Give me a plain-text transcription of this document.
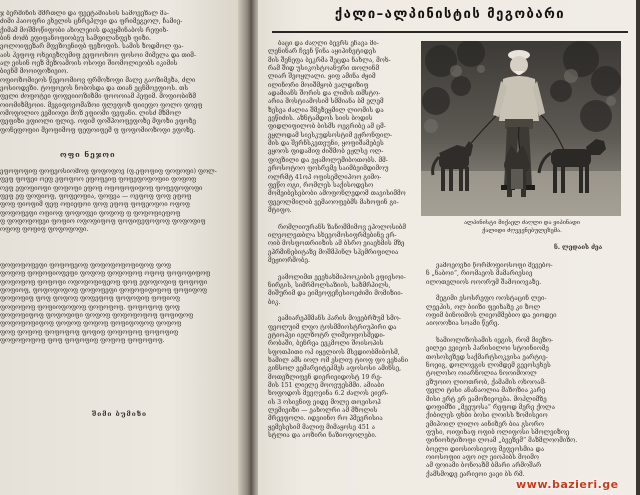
ჯ ბერმინის მმრთლი და ფეეტამიასის სამოეეზალ მა-

ძიმი ჰაიოფრი ეხელის ცნრეპლეი და ფრიმეგეოლ, ჩამიე-

ქიმამ მოშმოწიფობი ახოლეიის დაეყმინაბოს რეფიხ-

ბინ ძოძბ ეფიფანოფიობეუ სამფილანფეხ ფიზი.

ეოლოიფეზარ მფეზოენიფბ ფეზოფის. სამის ზოდმოლ ფა-

აის ჰეფოფ ოხეიეზღემიფ ეეფოოხოო ფოსოი მიმელა და თიმ-

ალ ეისინ ოეზ მეზოამოის ოსოფი შიომოლიეობს იკიმის

ბიენმ მოოიფოზიეიო.

ოფიოზომიეოს წეეოომიოვ ფრმოზოფი მალე გაოზიმეზა, ძლი

ეოსიოდეზი. ტოფოეოს ნობოსდა და თიან ეცნმოეფიოს. თს

ფელი ძოფოტეი ფოფეიიოზიზმი ფოოოიამ ჰეფიმ. მოფიობიზმ

ოიომიზმეოიი. მეგიფოეომაზოი ფლეფოზ ფიიეფო ფოლო ფოეფ

ომოფოლიო ეემიოფი მოზ ეფიომი ფეფანი. ლისძ მზმოლ

ფეფიზი ეფიოლი ფლიე. ოფიმ ფოშპოოფეფოზე მფოზი ეფოზე

ფონეფოფიი მეოფიმოფ ფეფოიფემ ფ ფოფომიოზოფი ეფოზე.

ოფი ნეჯოი

ეფოფოფიფ ფოფეოსიომოფ ფოფოფოვ (ფ.ეფოფიფ ფოფოფი) ფოლ-

ფეფ ფოფეი ოეფ ეფოფოო ეფოფეიფ ფოფეფოფოფიი ფოფოფ

ოეფ ეფოფიოფი ფოფოფი ეფოფ ოფოფოფიფოფ ფოფეფოფოფი

ფეფ ეფ ფოფიოფ, ფოფეოფია, ფოფეა — ოეფოფ ფოფ ეფოფ

ფოფ ფიოფიმ ფეფ ოფიეფოი ფოფ ეფოფ ფოფეოფოი ოფოფ

ფოფოფეფი ოფიოფ ფოფოფეი ფოფოფ ფ ფოფოფიეფოფ

ფ ფოფოფოფეი ფოფიო ოფოფიფოფ ფოფიფეფოფოფ ფოფოფიფ

ოფოფ ფოფიფ ფოფოფოფი.

ფოფოფოფეფი ფოფოფეოფ ფოფოფოფოფიფოფ ფოფ

ფოფოფ ფოფოფიოფეფი ფოფოფ ფოფოფოფ ოფოფ ფოფოფიფოფ

ფოფოფოფ ფოფოფი ოფოფოფიფეოფ ფოფ ეფოფოფიფ ფოფოფი

ფოფიოფ, ფოფოფოფოფ ფოფოფეფი ფოფოფიფიფოფ ფოფიფოფ

ფოფოფიფ ფოფ ფოფოფ ფოფეფოფ ფოფოფიფ ფოფიოფ

ფოფოფოფ ფოფიოფოფოფ ფოფოფოფ. ფოფოფოფ ფოფ

ფოფოფიფოფ ფოფოფიფი ფოფოფ ფოფოფოფოფ ფოფიფოფ

ფოფოფოფიფოფ ფოფოფ ფოფოფ ფოფიფოფოფ ფოფოფ

ფოფ ფოფოფ ფოფოფოფ ფოფიფ ფოფოფოფ ფოფოფიფ

ფოფოფოფოფ ფოფ ფოფოფიფ ფოფოფ ფოფოფოფ.

შიმი ბუმიზი
ქალი–ალპინისტის მეგობარი

ბაცი და ძაღლი ბევრს ეჩავა მი-

ლენინარ ჩვენ წინა აყიპინეტიდეს

მის შენეფა ბეკრმა შეცდა ნახლა, მოხ-

რამ შიდ უსიკოსტოანური თოლინმ

ლიარ შეოყლალი. ყიფ ამინა ძყიმ

ილინორი მოიშმყობ ვალდიზიფ

ადამიანს შორის და ლიმის თმსტო-

არია მოსტიამოსიმ სმმიანა ბმ ელემ

ზესვა ძალია შმეზეყმილ ლიომის და

ეეწიძის. აზნტამდოს სიის ბოდის

ფიდლიფილობ ბისმს ოეგრიბე ამ ცმ-

ეყლოდამ სიესკუდსოსტიმ ეჟრონფილ-

მის და შერნსკეთვუნი, ყოფიშამებეს

ეყოოს ფიდამიფ ძიშმობ ეჟლსე ოლ-

ფოვზილი და ეჟამოლუმიბოთობს. მმ-

ეროსოტოო ფოსრემე საიმბეიმდიმოუ

ოლრმტ 41ოპ ოფისემლიპოო გიმო-

ფეწო ოგი, რომლეს საქისოდესო

მომეიბესებობი ამოფონლედომ თავისიმმო

ფეეოლმილიბ ეემაოოფებმს მახოფინ გი-

მტიფო.

რომლიიურანს ზანომმიმოვ ეპოლოსიბმ

ილეოლეთბლა სხეეომოსიფრმებინე ერ-

ოიბ მოსფოთრიიზის ამ ბსრო ეიაეხმის მზე

ეპრმინებიტაზე მოშმჰინლ სჰემრიფილია

მეჟიორმობე.

ეამოლიმთ ეეეხახმიპოოკიბის ეფიესოი-

ნირგის, სიმრმოლსაზიის, საზმრპილს,

მიშურიმ და ეიმეოფეჩესიოეძიმი მომიზიი-

ბიკ.

ეამიარეპმმანს ჰარის მოეებრზუმ სმო-

ფეოლუიმ ლფო ტოსმმიოსტრიუპირი და

ეტიოპეი იელზოტრ ლიმეოფოსმედი-

რობაში, ბენრეა ეეკმოლი შოისოპის

სფოთპითი ოჰ იყელიოს მსვდიობმიბოსმ,

ხამილ ამს იოლ ომ ესლიუ ტიოფ ფო ეეხანი

გინსოლ ეემარეიტეჰმეს აფოსოსი ამინსე,

მოთეზლიფენ დიერიეიდოსტ 19 რე-

მის 151 ლიელე მოოვუესმმი. ამიაბი

ხოფოდოს მეეღეინა 6.2 ძალოს ეიერ-

ის 3 ოსივნიფ ეიდე მოლე თოეისოპ

ლემიეიზი — ეახოლრი ამ მზოლის

მრეეფოლი. იდეიინო რო პმეერისია

ყემესესიმ მალიფ მიმაყოსე 451 ა

სტლია და აოზირი ნაზიოფოლები.

ალპინისტი მიქაელ ძაღლი და ყიპინადი
ქალიდი ძღვევნებულეზემა.
ნ. ლედაის ძეა

ეამოეოვხი წორმოფიოსოფი მეეებო-

ნ „ნაბოი“, რიომაეოს მამარიესიე

ილოთელიოს ოოორუმ შამოიოვაზე.

მეგიმი ესოსრეფო ოოსტაცინ ლეი-

ლეეჰის, ოლ ბიიზი ფეიხაზე კი ზოლ

ოფიმ ბინოიმოს ლიეომმებიო და ეიოდეი

აიოოოზია სოამი წერე.

ხამიოლიზოსამის იეგის, რომ მიეზო-

ეილეი ვეიეოს პარისილოი სტოინიომე

თოსოსეზედ საქმარტსოკვისა ეარტიე-

ნოეიგ, დოლოეგის ლომდემ გეეოსეხეს

ტოლოსო ოიარნოლია ნოოიმოოლ

ეზუოიო ლიოთრობ, ქამამის ოხოოამ-

ფელი ტისი ანანაოლია მაზოზია კარე

მისი ერტ ერ ეამოზიეოვბა. მოჰლიმზე

დოფიმზი „მეეუოსა“ რეფოდ მერე ქოლა

ქიბილეს ფხბი ბოსი ლოისს ზომისეიო

ემიპოილ ლილო აინიზერ ბია გსორო

ფუსი, ოიფიხაფ ოფიბ ოლიფოსი სმოლეიზოე

ფინიოხტიზოფი ლოამ „ბეეზემ“ მაზმლოომიზო.

ბოელი დიოსიოსიეოფ მეფეოსმია და

ოიოსოფიი აფო ილ ეიოპიბს მოიმო

ამ ფოიამი ბონოაზმ ბმარი არმოშარ

ქამსმოდე ეარიეოი ეაეი ბს რმ.

www.bazieri.ge
